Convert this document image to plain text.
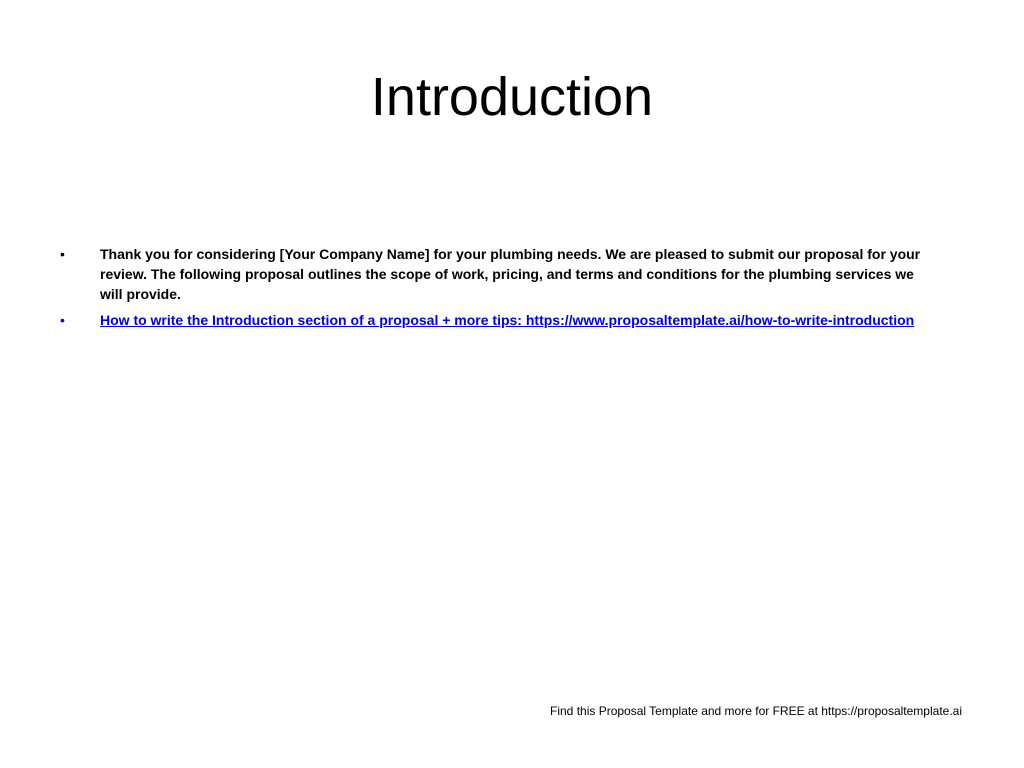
Introduction
•	Thank you for considering [Your Company Name] for your plumbing needs. We are pleased to submit our proposal for your review. The following proposal outlines the scope of work, pricing, and terms and conditions for the plumbing services we will provide.
•	How to write the Introduction section of a proposal + more tips: https://www.proposaltemplate.ai/how-to-write-introduction
Find this Proposal Template and more for FREE at https://proposaltemplate.ai
